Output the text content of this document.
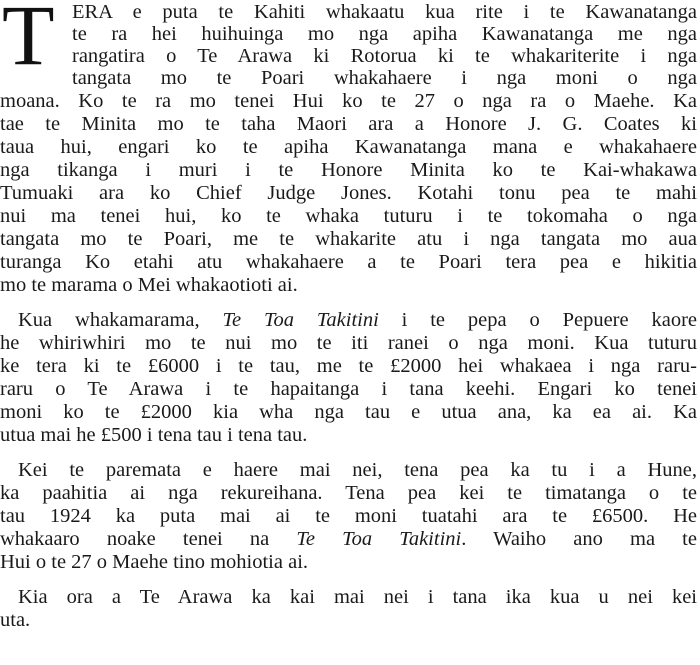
T ERA e puta te Kahiti whakaatu kua rite i te Kawanatanga
te ra hei huihuinga mo nga apiha Kawanatanga me nga
rangatira o Te Arawa ki Rotorua ki te whakariterite i nga
tangata mo te Poari whakahaere i nga moni o nga
moana. Ko te ra mo tenei Hui ko te 27 o nga ra o Maehe. Ka
tae te Minita mo te taha Maori ara a Honore J. G. Coates ki
taua hui, engari ko te apiha Kawanatanga mana e whakahaere
nga tikanga i muri i te Honore Minita ko te Kai-whakawa
Tumuaki ara ko Chief Judge Jones. Kotahi tonu pea te mahi
nui ma tenei hui, ko te whaka tuturu i te tokomaha o nga
tangata mo te Poari, me te whakarite atu i nga tangata mo aua
turanga Ko etahi atu whakahaere a te Poari tera pea e hikitia
mo te marama o Mei whakaotioti ai.
Kua whakamarama, Te Toa Takitini i te pepa o Pepuere kaore
he whiriwhiri mo te nui mo te iti ranei o nga moni. Kua tuturu
ke tera ki te £6000 i te tau, me te £2000 hei whakaea i nga raru-
raru o Te Arawa i te hapaitanga i tana keehi. Engari ko tenei
moni ko te £2000 kia wha nga tau e utua ana, ka ea ai. Ka
utua mai he £500 i tena tau i tena tau.
Kei te paremata e haere mai nei, tena pea ka tu i a Hune,
ka paahitia ai nga rekureihana. Tena pea kei te timatanga o te
tau 1924 ka puta mai ai te moni tuatahi ara te £6500. He
whakaaro noake tenei na Te Toa Takitini. Waiho ano ma te
Hui o te 27 o Maehe tino mohiotia ai.
Kia ora a Te Arawa ka kai mai nei i tana ika kua u nei kei
uta.
